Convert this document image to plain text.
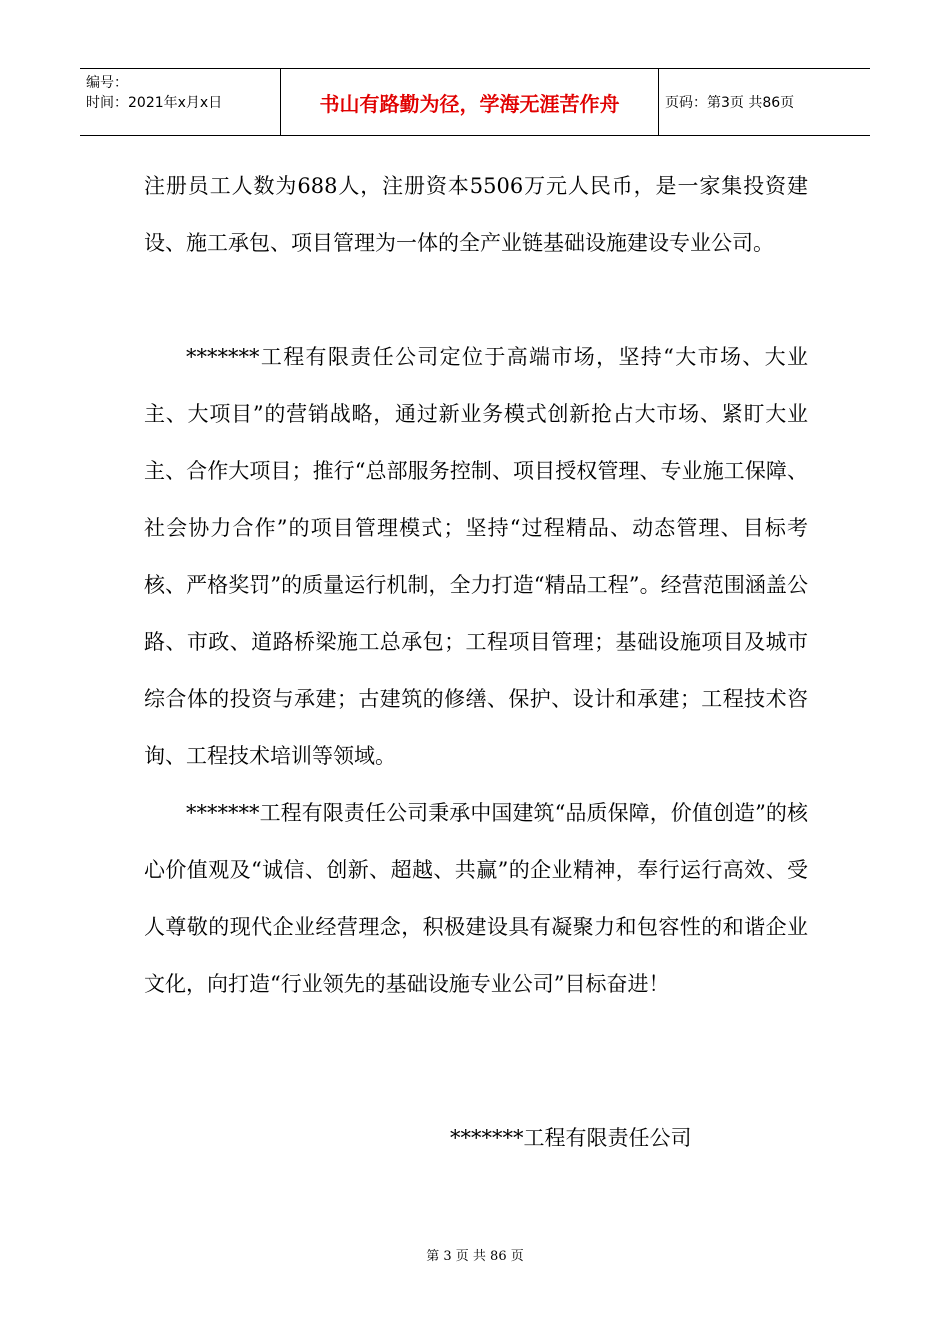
编号：
时间：2021年x月x日	书山有路勤为径，学海无涯苦作舟	页码：第3页 共86页

注册员工人数为688人，注册资本5506万元人民币，是一家集投资建设、施工承包、项目管理为一体的全产业链基础设施建设专业公司。

*******工程有限责任公司定位于高端市场，坚持“大市场、大业主、大项目”的营销战略，通过新业务模式创新抢占大市场、紧盯大业主、合作大项目；推行“总部服务控制、项目授权管理、专业施工保障、社会协力合作”的项目管理模式；坚持“过程精品、动态管理、目标考核、严格奖罚”的质量运行机制，全力打造“精品工程”。经营范围涵盖公路、市政、道路桥梁施工总承包；工程项目管理；基础设施项目及城市综合体的投资与承建；古建筑的修缮、保护、设计和承建；工程技术咨询、工程技术培训等领域。

*******工程有限责任公司秉承中国建筑“品质保障，价值创造”的核心价值观及“诚信、创新、超越、共赢”的企业精神，奉行运行高效、受人尊敬的现代企业经营理念，积极建设具有凝聚力和包容性的和谐企业文化，向打造“行业领先的基础设施专业公司”目标奋进！

*******工程有限责任公司
第 3 页 共 86 页
